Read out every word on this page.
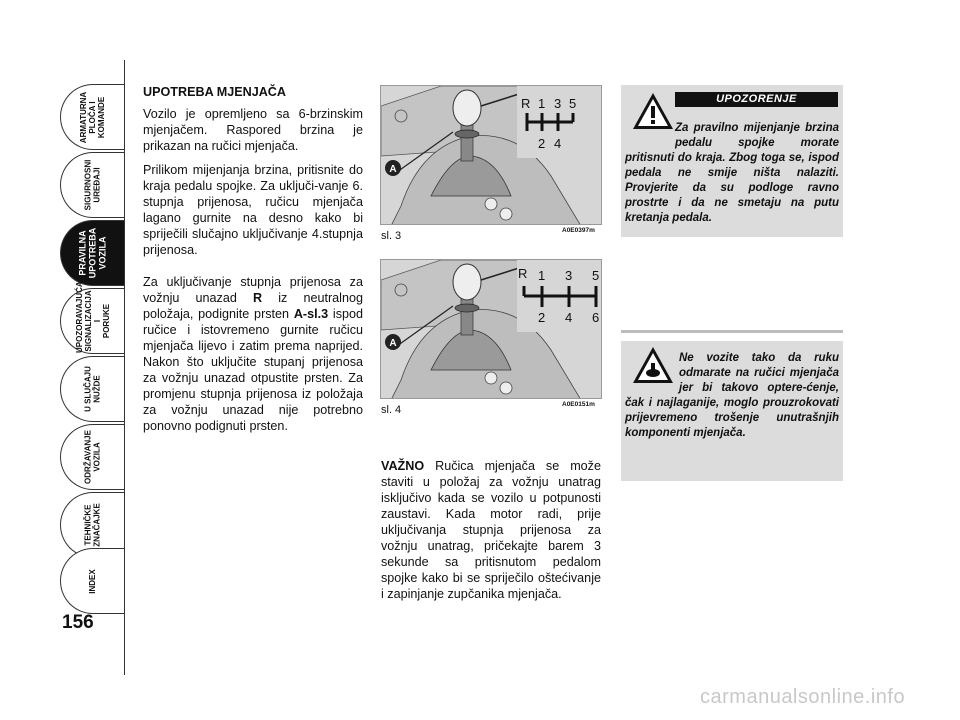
ARMATURNA
PLOČA I
KOMANDE
SIGURNOSNI
UREĐAJI
PRAVILNA
UPOTREBA
VOZILA
UPOZORAVAJUĆA
SIGNALIZACIJA I
PORUKE
U SLUČAJU
NUŽDE
ODRŽAVANJE
VOZILA
TEHNIČKE
ZNAČAJKE
INDEX
156
UPOTREBA MJENJAČA

Vozilo je opremljeno sa 6-brzinskim mjenjačem. Raspored brzina je prikazan na ručici mjenjača.

Prilikom mijenjanja brzina, pritisnite do kraja pedalu spojke. Za uključi-vanje 6. stupnja prijenosa, ručicu mjenjača lagano gurnite na desno kako bi spriječili slučajno uključivanje 4.stupnja prijenosa.

Za uključivanje stupnja prijenosa za vožnju unazad R iz neutralnog položaja, podignite prsten A-sl.3 ispod ručice i istovremeno gurnite ručicu mjenjača lijevo i zatim prema naprijed. Nakon što uključite stupanj prijenosa za vožnju unazad otpustite prsten. Za promjenu stupnja prijenosa iz položaja za vožnju unazad nije potrebno ponovno podignuti prsten.

A
R 1 3 5
2 4
sl. 3	A0E0397m
A
R 1 3 5
2 4 6
sl. 4	A0E0151m
VAŽNO Ručica mjenjača se može staviti u položaj za vožnju unatrag isključivo kada se vozilo u potpunosti zaustavi. Kada motor radi, prije uključivanja stupnja prijenosa za vožnju unatrag, pričekajte barem 3 sekunde sa pritisnutom pedalom spojke kako bi se spriječilo oštećivanje i zapinjanje zupčanika mjenjača.
Za pravilno mijenjanje brzina pedalu spojke morate pritisnuti do kraja. Zbog toga se, ispod pedala ne smije ništa nalaziti. Provjerite da su podloge ravno prostrte i da ne smetaju na putu kretanja pedala.
UPOZORENJE
Ne vozite tako da ruku odmarate na ručici mjenjača jer bi takovo optere-ćenje, čak i najlaganije, moglo prouzrokovati prijevremeno trošenje unutrašnjih komponenti mjenjača.
carmanualsonline.info
